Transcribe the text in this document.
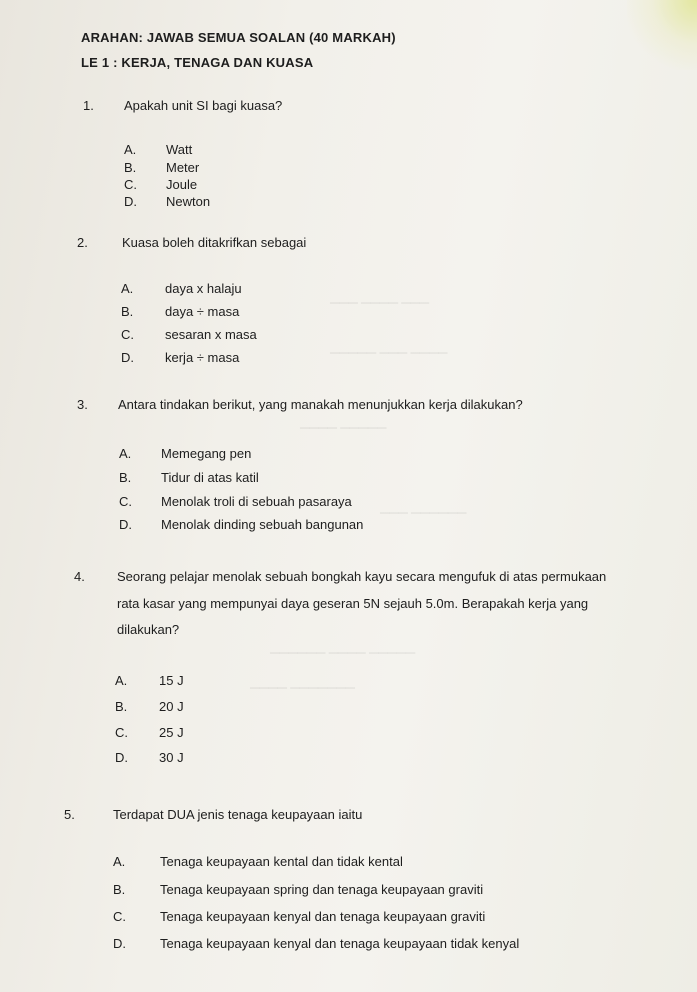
▁▁▁ ▁▁▁▁ ▁▁▁
▁▁▁▁▁ ▁▁▁ ▁▁▁▁
▁▁▁▁ ▁▁▁▁▁
▁▁▁ ▁▁▁▁▁▁
▁▁▁▁▁▁ ▁▁▁▁ ▁▁▁▁▁
▁▁▁▁ ▁▁▁▁▁▁▁
ARAHAN: JAWAB SEMUA SOALAN (40 MARKAH)
LE 1 : KERJA, TENAGA DAN KUASA
1. Apakah unit SI bagi kuasa?
A. Watt
B. Meter
C. Joule
D. Newton
2.	Kuasa boleh ditakrifkan sebagai
A. daya x halaju
B. daya ÷ masa
C. sesaran x masa
D. kerja ÷ masa
3. Antara tindakan berikut, yang manakah menunjukkan kerja dilakukan?
A. Memegang pen
B. Tidur di atas katil
C. Menolak troli di sebuah pasaraya
D. Menolak dinding sebuah bangunan
4. Seorang pelajar menolak sebuah bongkah kayu secara mengufuk di atas permukaan
rata kasar yang mempunyai daya geseran 5N sejauh 5.0m. Berapakah kerja yang
dilakukan?
A. 15 J
B. 20 J
C. 25 J
D. 30 J
5.	Terdapat DUA jenis tenaga keupayaan iaitu
A.	Tenaga keupayaan kental dan tidak kental
B.	Tenaga keupayaan spring dan tenaga keupayaan graviti
C.	Tenaga keupayaan kenyal dan tenaga keupayaan graviti
D.	Tenaga keupayaan kenyal dan tenaga keupayaan tidak kenyal
